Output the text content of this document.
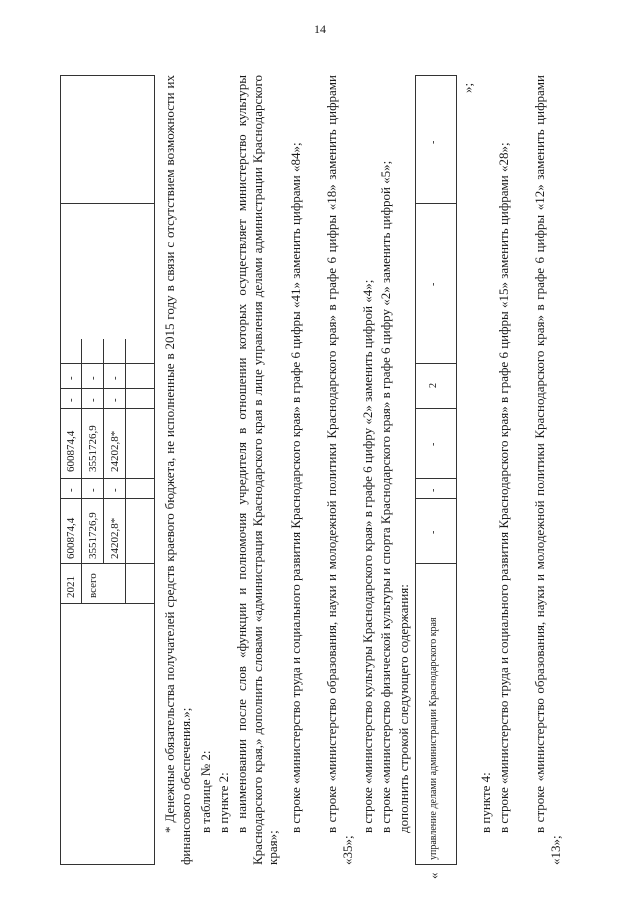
14
2021 всего
600874,4
-
600874,4
-
-
3551726,9
-
3551726,9
-
-
24202,8*
-
24202,8*
-
-	* Денежные обязательства получателей средств краевого бюджета, не исполненные в 2015 году в связи с отсутствием возможности их финансового обеспечения.»; в таблице № 2: в пункте 2: в наименовании после слов «функции и полномочия учредителя в отношении которых осуществляет министерство культуры Краснодарского края,» дополнить словами «администрация Краснодарского края в лице управления делами администрации Краснодарского края»;
в строке «министерство труда и социального развития Краснодарского края» в графе 6 цифры «41» заменить цифрами «84»; в строке «министерство образования, науки и молодежной политики Краснодарского края» в графе 6 цифры «18» заменить цифрами «35»;
в строке «министерство культуры Краснодарского края» в графе 6 цифру «2» заменить цифрой «4»; в строке «министерство физической культуры и спорта Краснодарского края» в графе 6 цифру «2» заменить цифрой «5»; дополнить строкой следующего содержания:
«
управление делами администрации Краснодарского края
-
-
-
2
-
-
»;
в пункте 4: в строке «министерство труда и социального развития Краснодарского края» в графе 6 цифры «15» заменить цифрами «28»; в строке «министерство образования, науки и молодежной политики Краснодарского края» в графе 6 цифры «12» заменить цифрами «13»;
